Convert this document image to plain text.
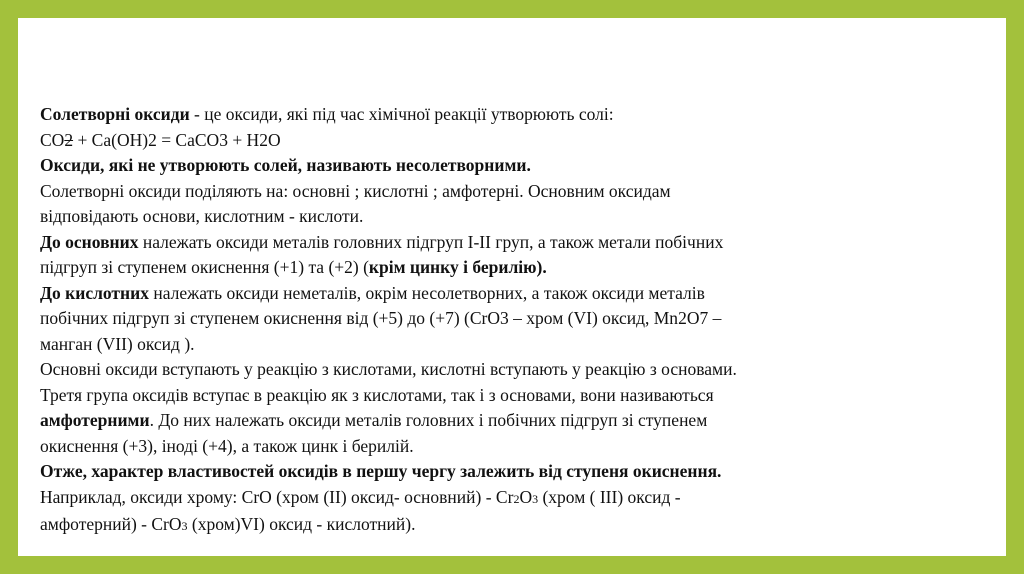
Солетворні оксиди - це оксиди, які під час хімічної реакції утворюють солі:
CO2 + Ca(OH)2 = CaCO3 + H2O
Оксиди, які не утворюють солей, називають несолетворними.
Солетворні оксиди поділяють на: основні ; кислотні ; амфотерні. Основним оксидам
відповідають основи, кислотним - кислоти.
До основних належать оксиди металів головних підгруп І-ІІ груп, а також метали побічних
підгруп зі ступенем окиснення (+1) та (+2) (крім цинку і берилію).
До кислотних належать оксиди неметалів, окрім несолетворних, а також оксиди металів
побічних підгруп зі ступенем окиснення від (+5) до (+7) (CrO3 – хром (VI) оксид, Mn2O7 –
манган (VII) оксид ).
Основні оксиди вступають у реакцію з кислотами, кислотні вступають у реакцію з основами.
Третя група оксидів вступає в реакцію як з кислотами, так і з основами, вони називаються
амфотерними. До них належать оксиди металів головних і побічних підгруп зі ступенем
окиснення (+3), іноді (+4), а також цинк і берилій.
Отже, характер властивостей оксидів в першу чергу залежить від ступеня окиснення.
Наприклад, оксиди хрому: CrO (хром (II) оксид- основний) - Cr2O3 (хром ( III) оксид -
амфотерний) - CrO3 (хром)VI) оксид - кислотний).
